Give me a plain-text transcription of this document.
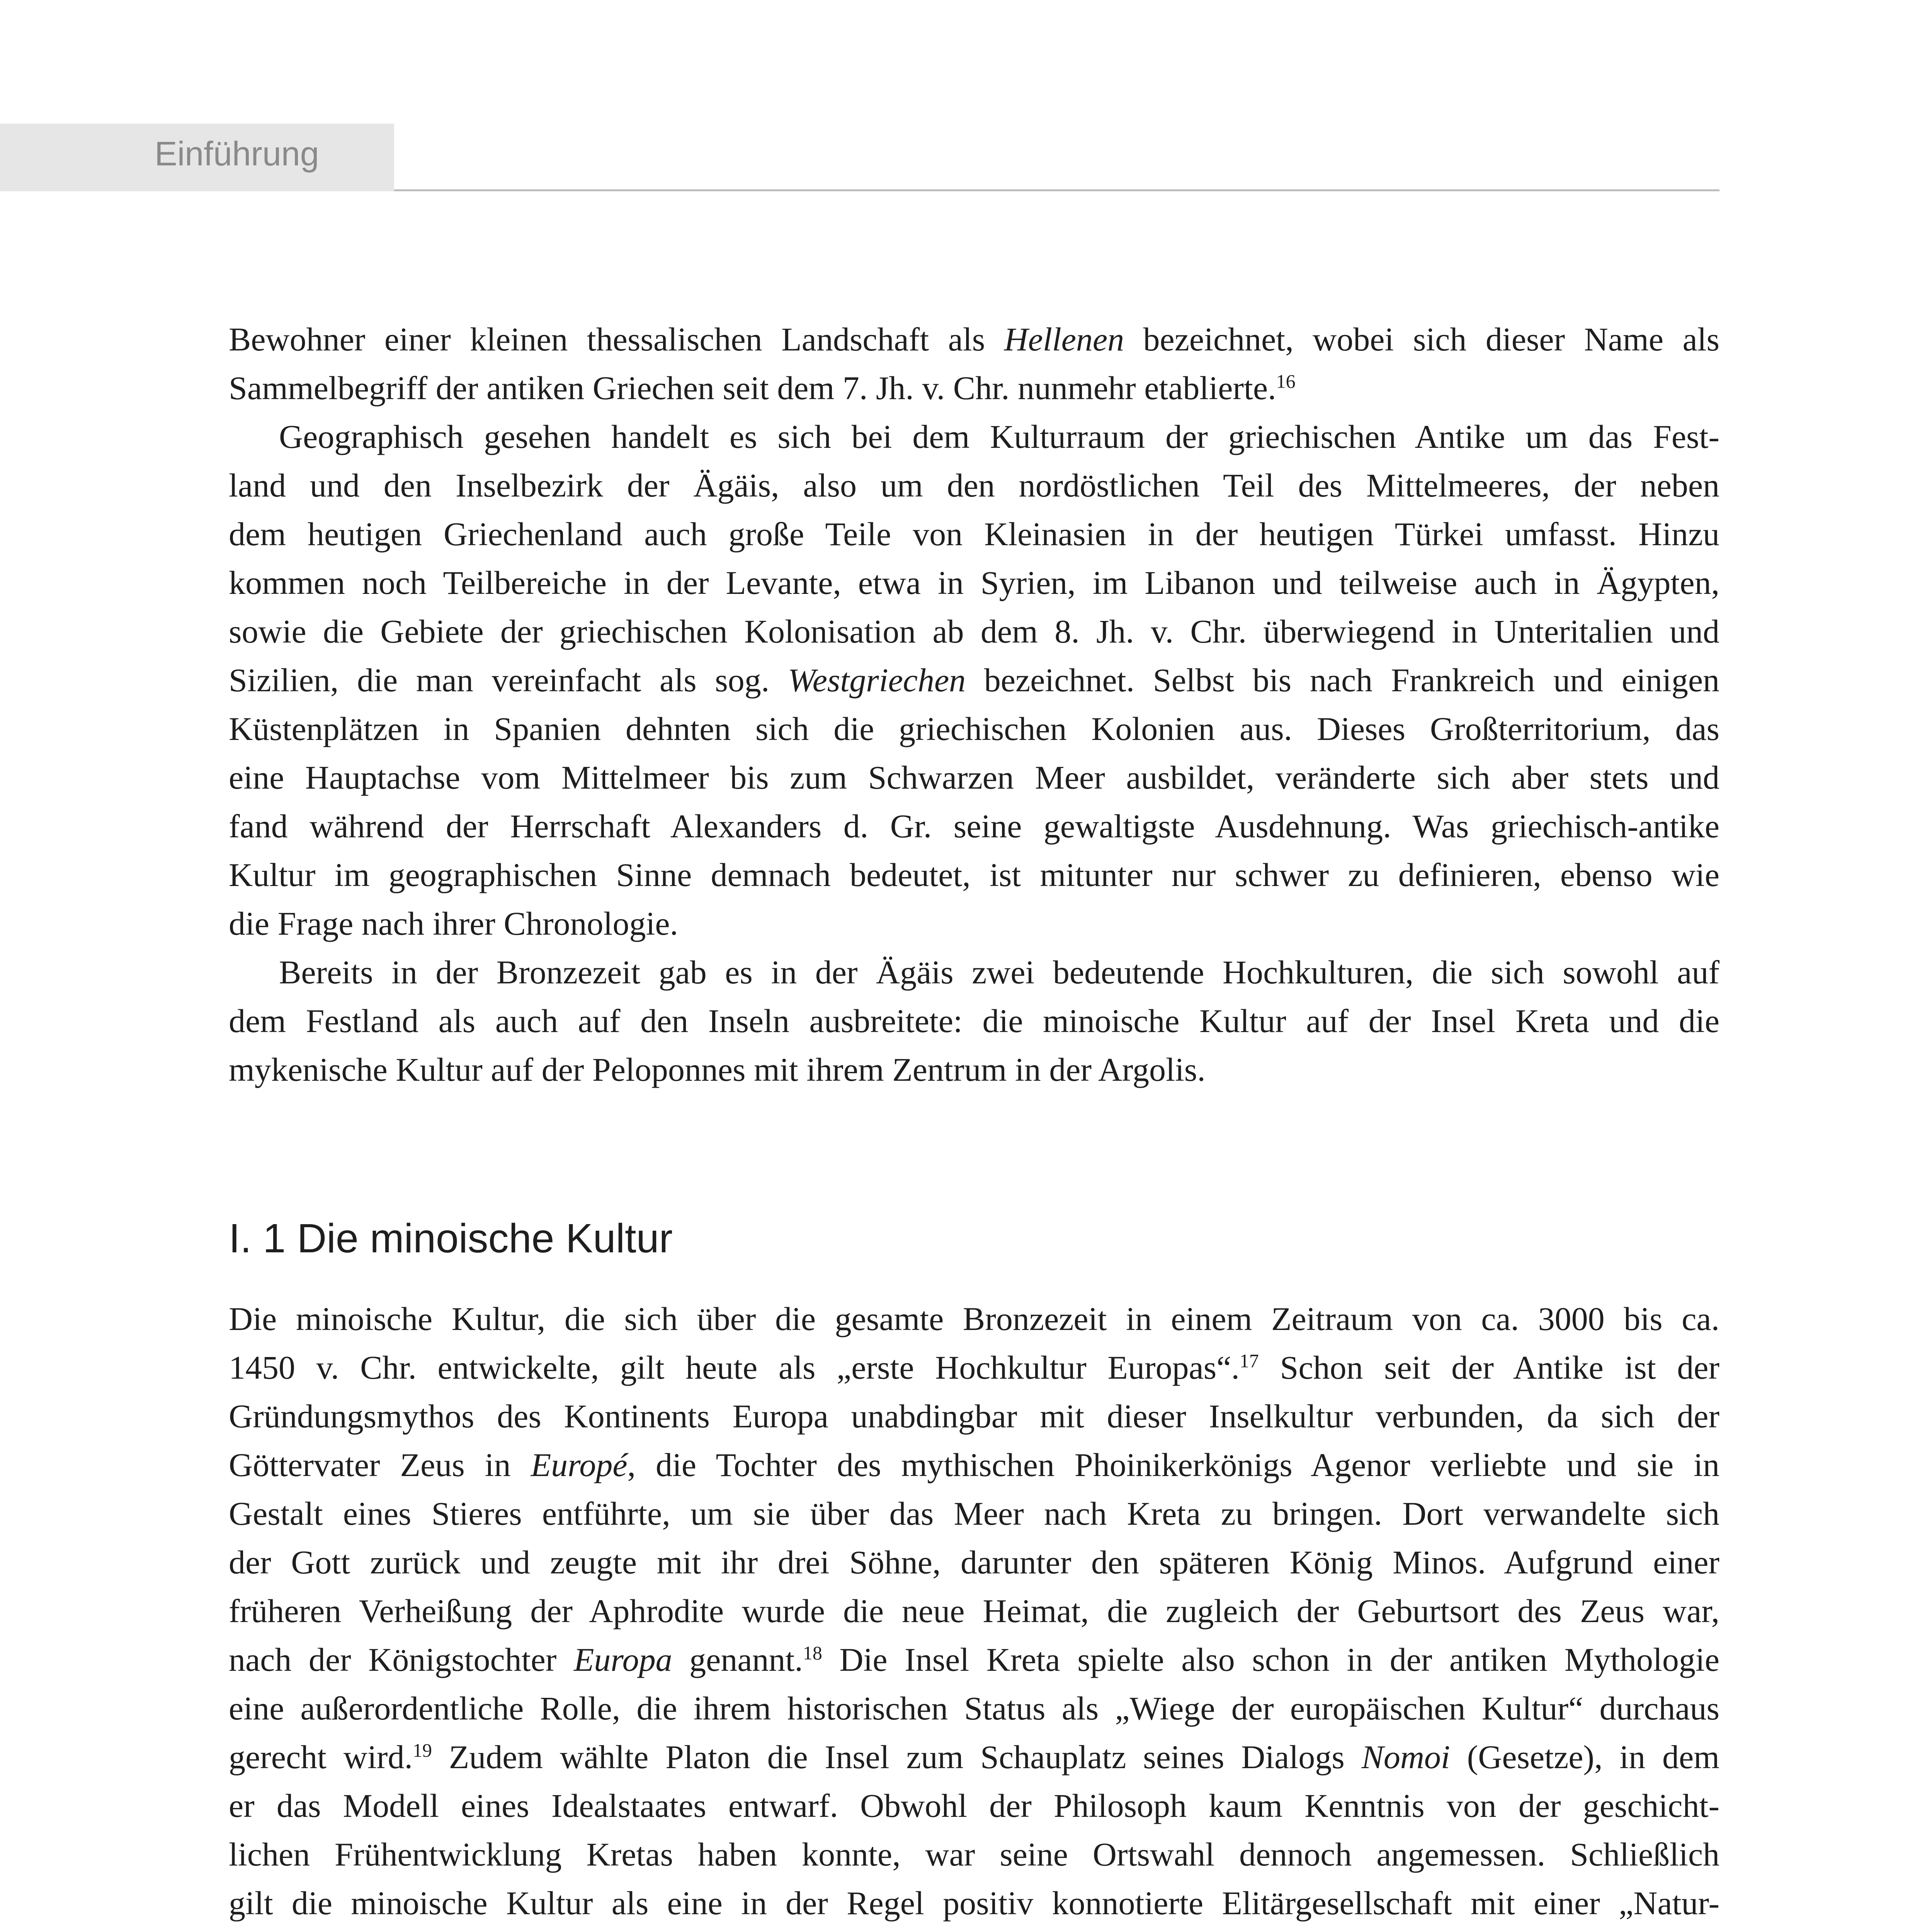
Einführung
Bewohner einer kleinen thessalischen Landschaft als Hellenen bezeichnet, wobei sich dieser Name als
Sammelbegriff der antiken Griechen seit dem 7. Jh. v. Chr. nunmehr etablierte.$^{16}$
Geographisch gesehen handelt es sich bei dem Kulturraum der griechischen Antike um das Fest-
land und den Inselbezirk der Ägäis, also um den nordöstlichen Teil des Mittelmeeres, der neben
dem heutigen Griechenland auch große Teile von Kleinasien in der heutigen Türkei umfasst. Hinzu
kommen noch Teilbereiche in der Levante, etwa in Syrien, im Libanon und teilweise auch in Ägypten,
sowie die Gebiete der griechischen Kolonisation ab dem 8. Jh. v. Chr. überwiegend in Unteritalien und
Sizilien, die man vereinfacht als sog. Westgriechen bezeichnet. Selbst bis nach Frankreich und einigen
Küstenplätzen in Spanien dehnten sich die griechischen Kolonien aus. Dieses Großterritorium, das
eine Hauptachse vom Mittelmeer bis zum Schwarzen Meer ausbildet, veränderte sich aber stets und
fand während der Herrschaft Alexanders d. Gr. seine gewaltigste Ausdehnung. Was griechisch-antike
Kultur im geographischen Sinne demnach bedeutet, ist mitunter nur schwer zu definieren, ebenso wie
die Frage nach ihrer Chronologie.
Bereits in der Bronzezeit gab es in der Ägäis zwei bedeutende Hochkulturen, die sich sowohl auf
dem Festland als auch auf den Inseln ausbreitete: die minoische Kultur auf der Insel Kreta und die
mykenische Kultur auf der Peloponnes mit ihrem Zentrum in der Argolis.
I. 1 Die minoische Kultur
Die minoische Kultur, die sich über die gesamte Bronzezeit in einem Zeitraum von ca. 3000 bis ca.
1450 v. Chr. entwickelte, gilt heute als „erste Hochkultur Europas“.$^{17}$ Schon seit der Antike ist der
Gründungsmythos des Kontinents Europa unabdingbar mit dieser Inselkultur verbunden, da sich der
Göttervater Zeus in Europé, die Tochter des mythischen Phoinikerkönigs Agenor verliebte und sie in
Gestalt eines Stieres entführte, um sie über das Meer nach Kreta zu bringen. Dort verwandelte sich
der Gott zurück und zeugte mit ihr drei Söhne, darunter den späteren König Minos. Aufgrund einer
früheren Verheißung der Aphrodite wurde die neue Heimat, die zugleich der Geburtsort des Zeus war,
nach der Königstochter Europa genannt.$^{18}$ Die Insel Kreta spielte also schon in der antiken Mythologie
eine außerordentliche Rolle, die ihrem historischen Status als „Wiege der europäischen Kultur“ durchaus
gerecht wird.$^{19}$ Zudem wählte Platon die Insel zum Schauplatz seines Dialogs Nomoi (Gesetze), in dem
er das Modell eines Idealstaates entwarf. Obwohl der Philosoph kaum Kenntnis von der geschicht-
lichen Frühentwicklung Kretas haben konnte, war seine Ortswahl dennoch angemessen. Schließlich
gilt die minoische Kultur als eine in der Regel positiv konnotierte Elitärgesellschaft mit einer „Natur-
